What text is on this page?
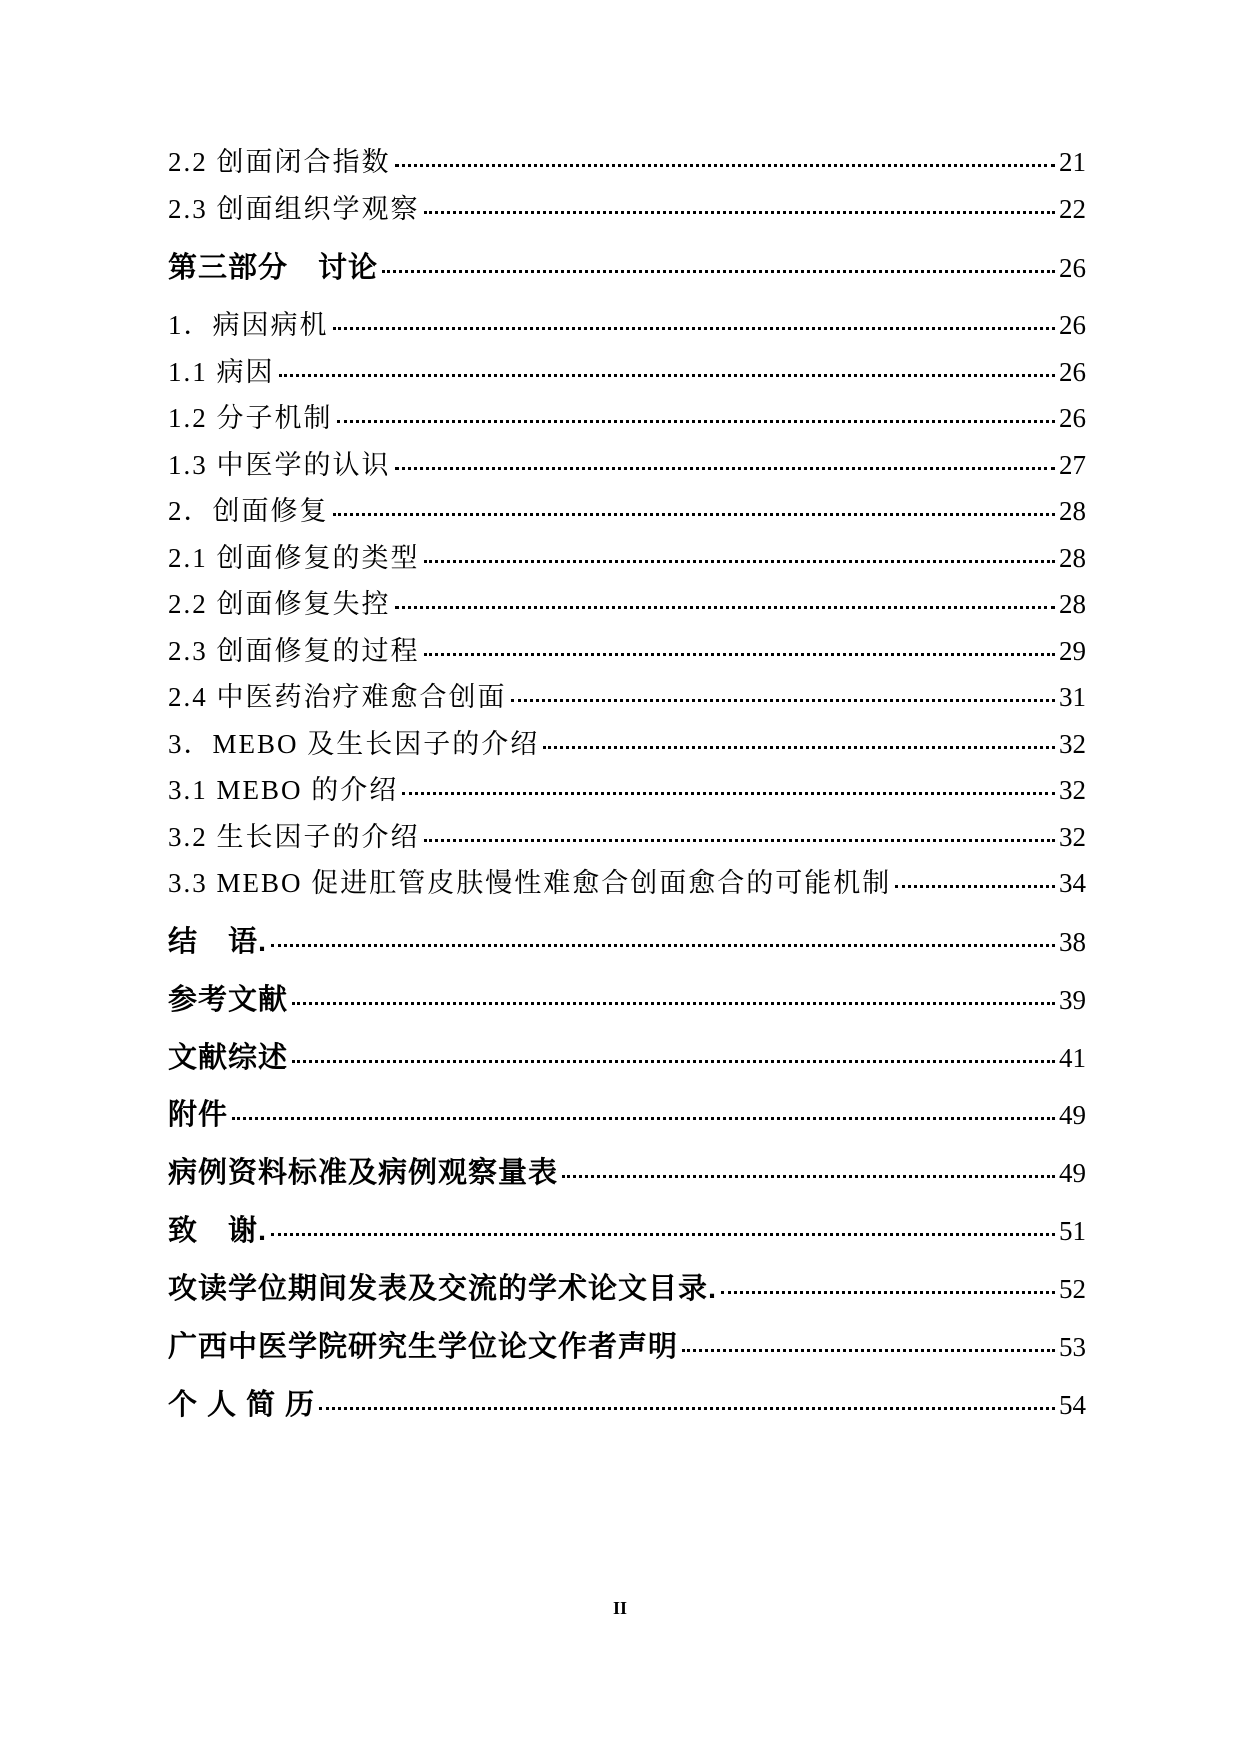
2.2 创面闭合指数	21
2.3 创面组织学观察	22
第三部分　讨论	26
1．病因病机	26
1.1 病因	26
1.2 分子机制	26
1.3 中医学的认识	27
2．创面修复	28
2.1 创面修复的类型	28
2.2 创面修复失控	28
2.3 创面修复的过程	29
2.4 中医药治疗难愈合创面	31
3．MEBO 及生长因子的介绍	32
3.1 MEBO 的介绍	32
3.2 生长因子的介绍	32
3.3 MEBO 促进肛管皮肤慢性难愈合创面愈合的可能机制	34
结　语.	38
参考文献	39
文献综述	41
附件	49
病例资料标准及病例观察量表	49
致　谢.	51
攻读学位期间发表及交流的学术论文目录.	52
广西中医学院研究生学位论文作者声明	53
个 人 简 历	54
II
